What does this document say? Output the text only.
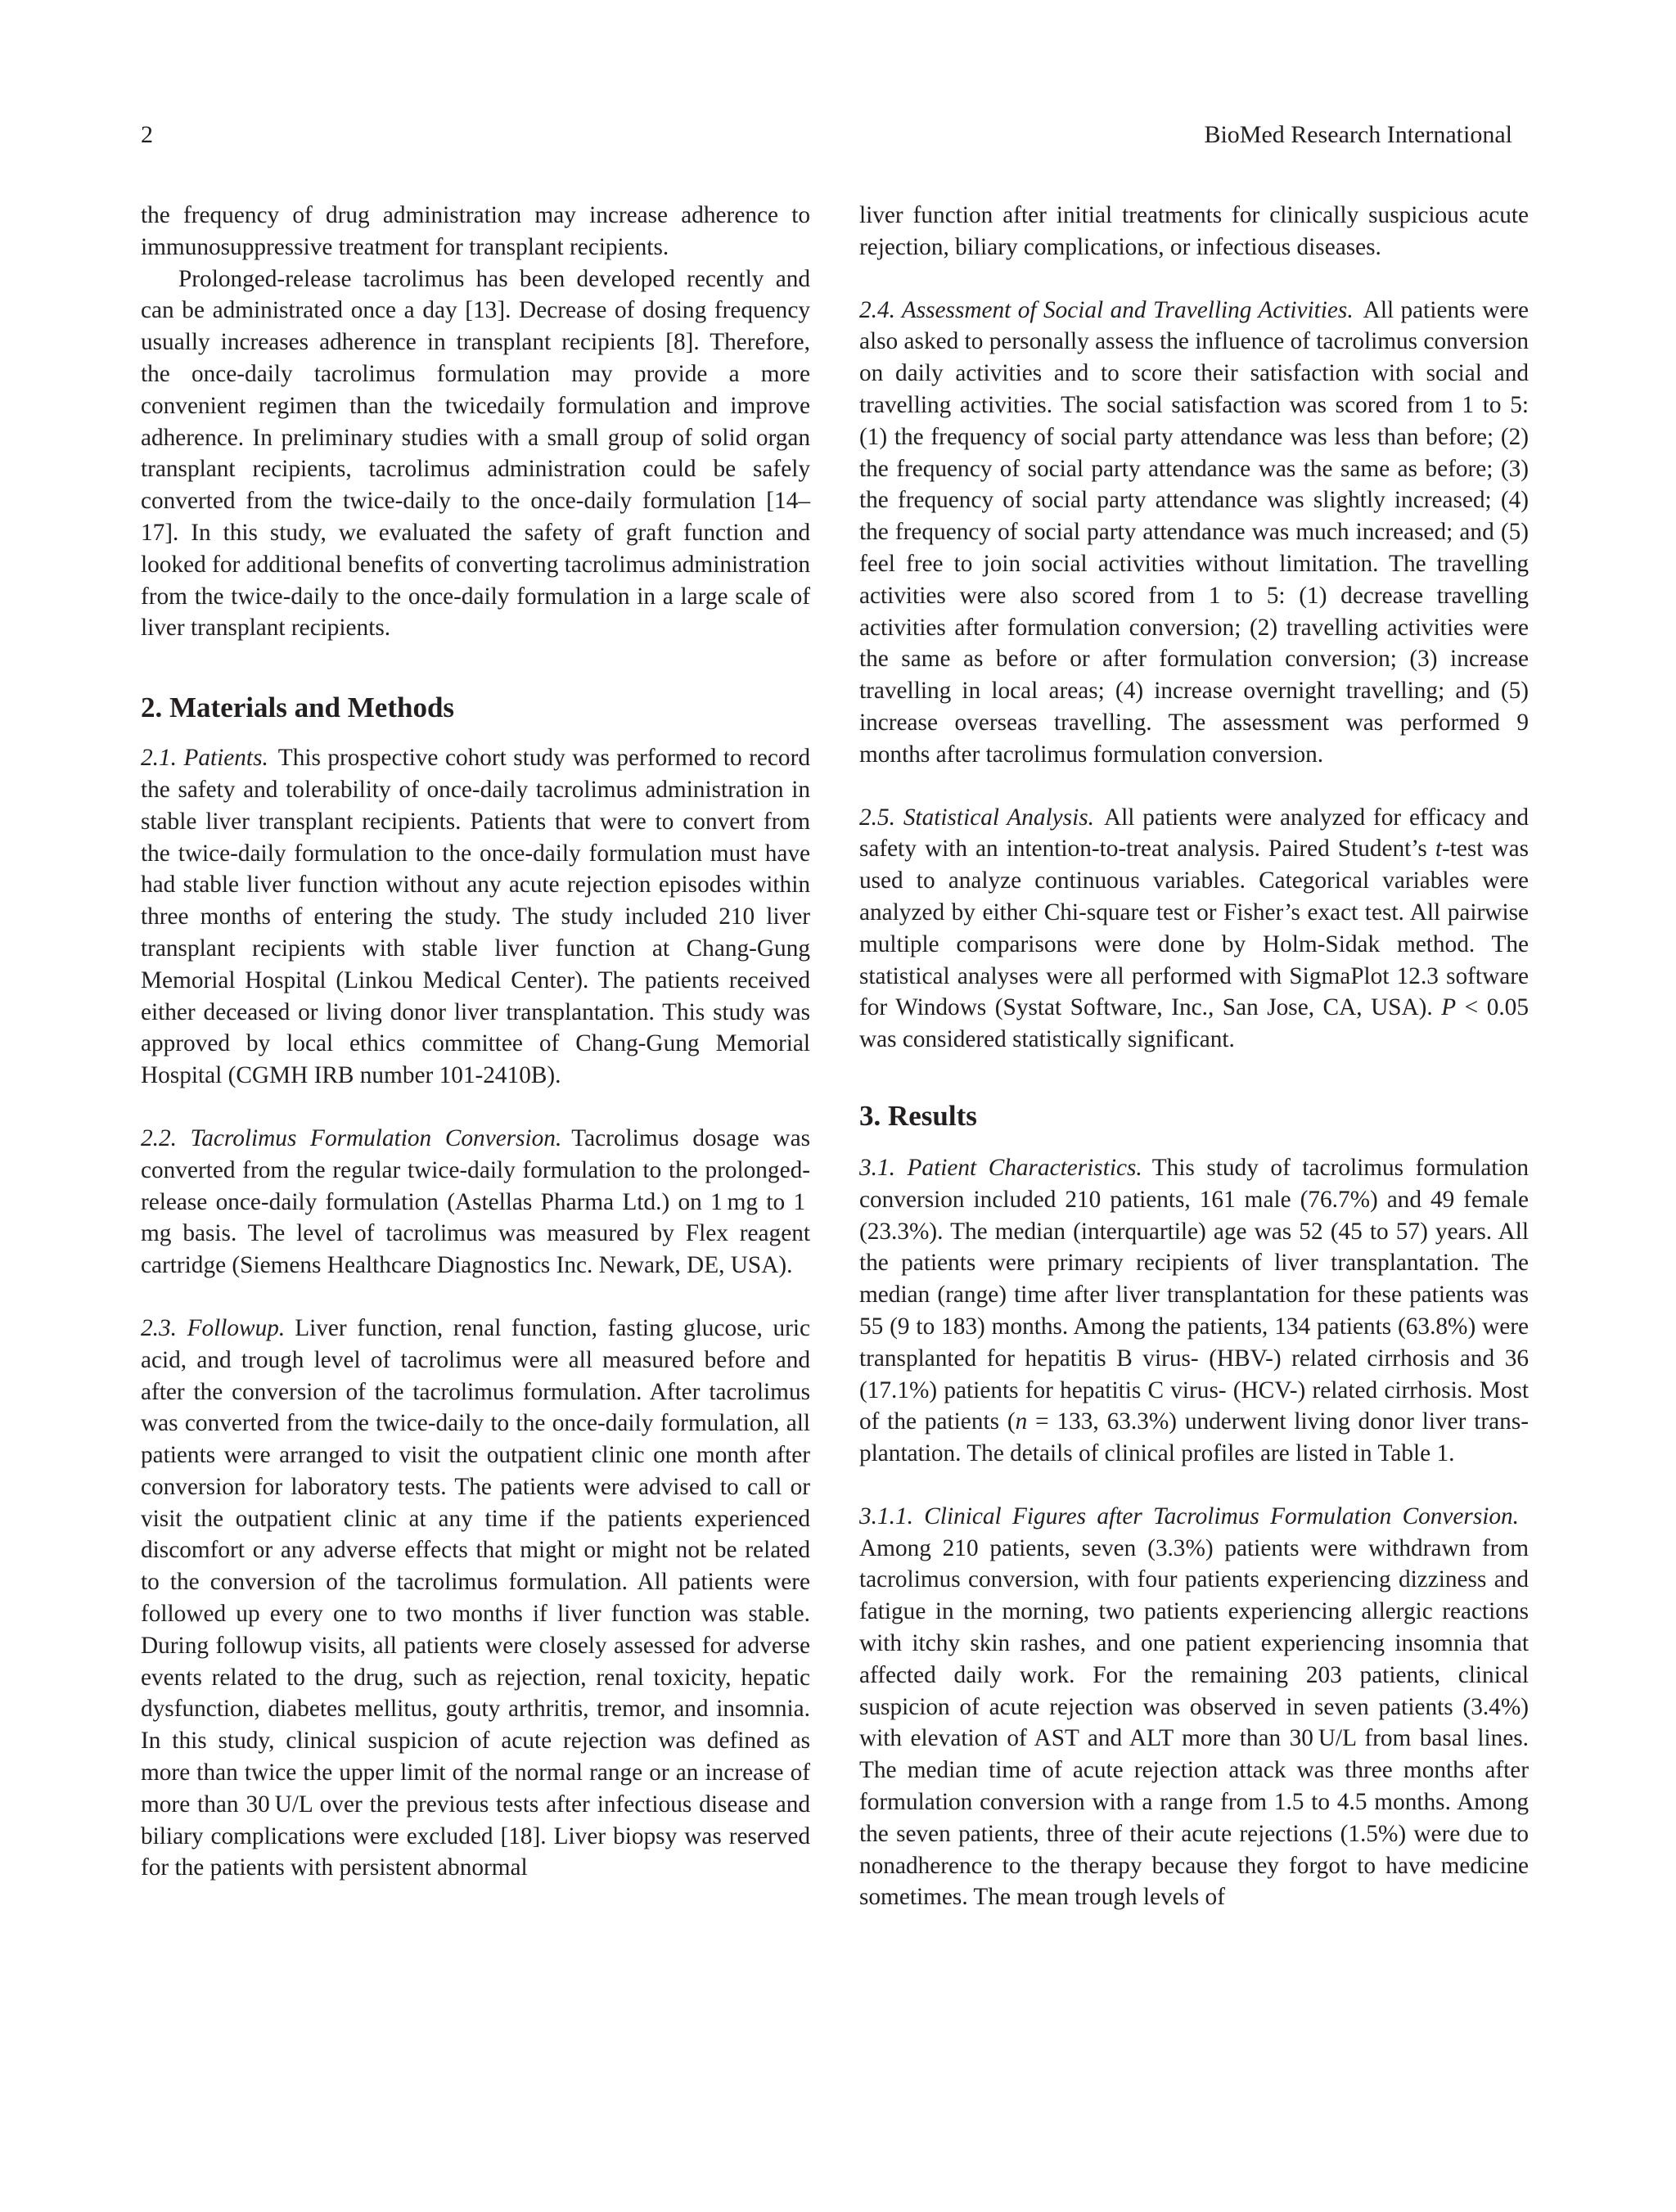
2	BioMed Research International

the frequency of drug administration may increase adherence to immunosuppressive treatment for transplant recipients.

Prolonged-release tacrolimus has been developed recently and can be administrated once a day [13]. Decrease of dosing frequency usually increases adherence in transplant recipients [8]. Therefore, the once-daily tacrolimus formulation may provide a more convenient regimen than the twicedaily formulation and improve adherence. In preliminary studies with a small group of solid organ transplant recipients, tacrolimus administration could be safely converted from the twice-daily to the once-daily formulation [14–17]. In this study, we evaluated the safety of graft function and looked for additional benefits of converting tacrolimus administration from the twice-daily to the once-daily formulation in a large scale of liver transplant recipients.

2. Materials and Methods

2.1. Patients. This prospective cohort study was performed to record the safety and tolerability of once-daily tacrolimus administration in stable liver transplant recipients. Patients that were to convert from the twice-daily formulation to the once-daily formulation must have had stable liver function without any acute rejection episodes within three months of entering the study. The study included 210 liver transplant recipients with stable liver function at Chang-Gung Memorial Hospital (Linkou Medical Center). The patients received either deceased or living donor liver transplantation. This study was approved by local ethics committee of Chang-Gung Memorial Hospital (CGMH IRB number 101-2410B).

2.2. Tacrolimus Formulation Conversion. Tacrolimus dosage was converted from the regular twice-daily formulation to the prolonged-release once-daily formulation (Astellas Pharma Ltd.) on 1 mg to 1 mg basis. The level of tacrolimus was measured by Flex reagent cartridge (Siemens Healthcare Diagnostics Inc. Newark, DE, USA).

2.3. Followup. Liver function, renal function, fasting glucose, uric acid, and trough level of tacrolimus were all measured before and after the conversion of the tacrolimus formulation. After tacrolimus was converted from the twice-daily to the once-daily formulation, all patients were arranged to visit the outpatient clinic one month after conversion for laboratory tests. The patients were advised to call or visit the outpatient clinic at any time if the patients experienced discomfort or any adverse effects that might or might not be related to the conversion of the tacrolimus formulation. All patients were followed up every one to two months if liver function was stable. During followup visits, all patients were closely assessed for adverse events related to the drug, such as rejection, renal toxicity, hepatic dysfunction, diabetes mellitus, gouty arthritis, tremor, and insomnia. In this study, clinical suspicion of acute rejection was defined as more than twice the upper limit of the normal range or an increase of more than 30 U/L over the previous tests after infectious disease and biliary complications were excluded [18]. Liver biopsy was reserved for the patients with persistent abnormal

liver function after initial treatments for clinically suspicious acute rejection, biliary complications, or infectious diseases.

2.4. Assessment of Social and Travelling Activities. All patients were also asked to personally assess the influence of tacrolimus conversion on daily activities and to score their satisfaction with social and travelling activities. The social satisfaction was scored from 1 to 5: (1) the frequency of social party attendance was less than before; (2) the frequency of social party attendance was the same as before; (3) the frequency of social party attendance was slightly increased; (4) the frequency of social party attendance was much increased; and (5) feel free to join social activities without limitation. The travelling activities were also scored from 1 to 5: (1) decrease travelling activities after formulation conversion; (2) travelling activities were the same as before or after formulation conversion; (3) increase travelling in local areas; (4) increase overnight travelling; and (5) increase overseas travelling. The assessment was performed 9 months after tacrolimus formulation conversion.

2.5. Statistical Analysis. All patients were analyzed for efficacy and safety with an intention-to-treat analysis. Paired Student’s t-test was used to analyze continuous variables. Categorical variables were analyzed by either Chi-square test or Fisher’s exact test. All pairwise multiple comparisons were done by Holm-Sidak method. The statistical analyses were all performed with SigmaPlot 12.3 software for Windows (Systat Software, Inc., San Jose, CA, USA). P < 0.05 was considered statistically significant.

3. Results

3.1. Patient Characteristics. This study of tacrolimus formulation conversion included 210 patients, 161 male (76.7%) and 49 female (23.3%). The median (interquartile) age was 52 (45 to 57) years. All the patients were primary recipients of liver transplantation. The median (range) time after liver transplantation for these patients was 55 (9 to 183) months. Among the patients, 134 patients (63.8%) were transplanted for hepatitis B virus- (HBV-) related cirrhosis and 36 (17.1%) patients for hepatitis C virus- (HCV-) related cirrhosis. Most of the patients (n = 133, 63.3%) underwent living donor liver transplantation. The details of clinical profiles are listed in Table 1.

3.1.1. Clinical Figures after Tacrolimus Formulation Conversion.Among 210 patients, seven (3.3%) patients were withdrawn from tacrolimus conversion, with four patients experiencing dizziness and fatigue in the morning, two patients experiencing allergic reactions with itchy skin rashes, and one patient experiencing insomnia that affected daily work. For the remaining 203 patients, clinical suspicion of acute rejection was observed in seven patients (3.4%) with elevation of AST and ALT more than 30 U/L from basal lines. The median time of acute rejection attack was three months after formulation conversion with a range from 1.5 to 4.5 months. Among the seven patients, three of their acute rejections (1.5%) were due to nonadherence to the therapy because they forgot to have medicine sometimes. The mean trough levels of
